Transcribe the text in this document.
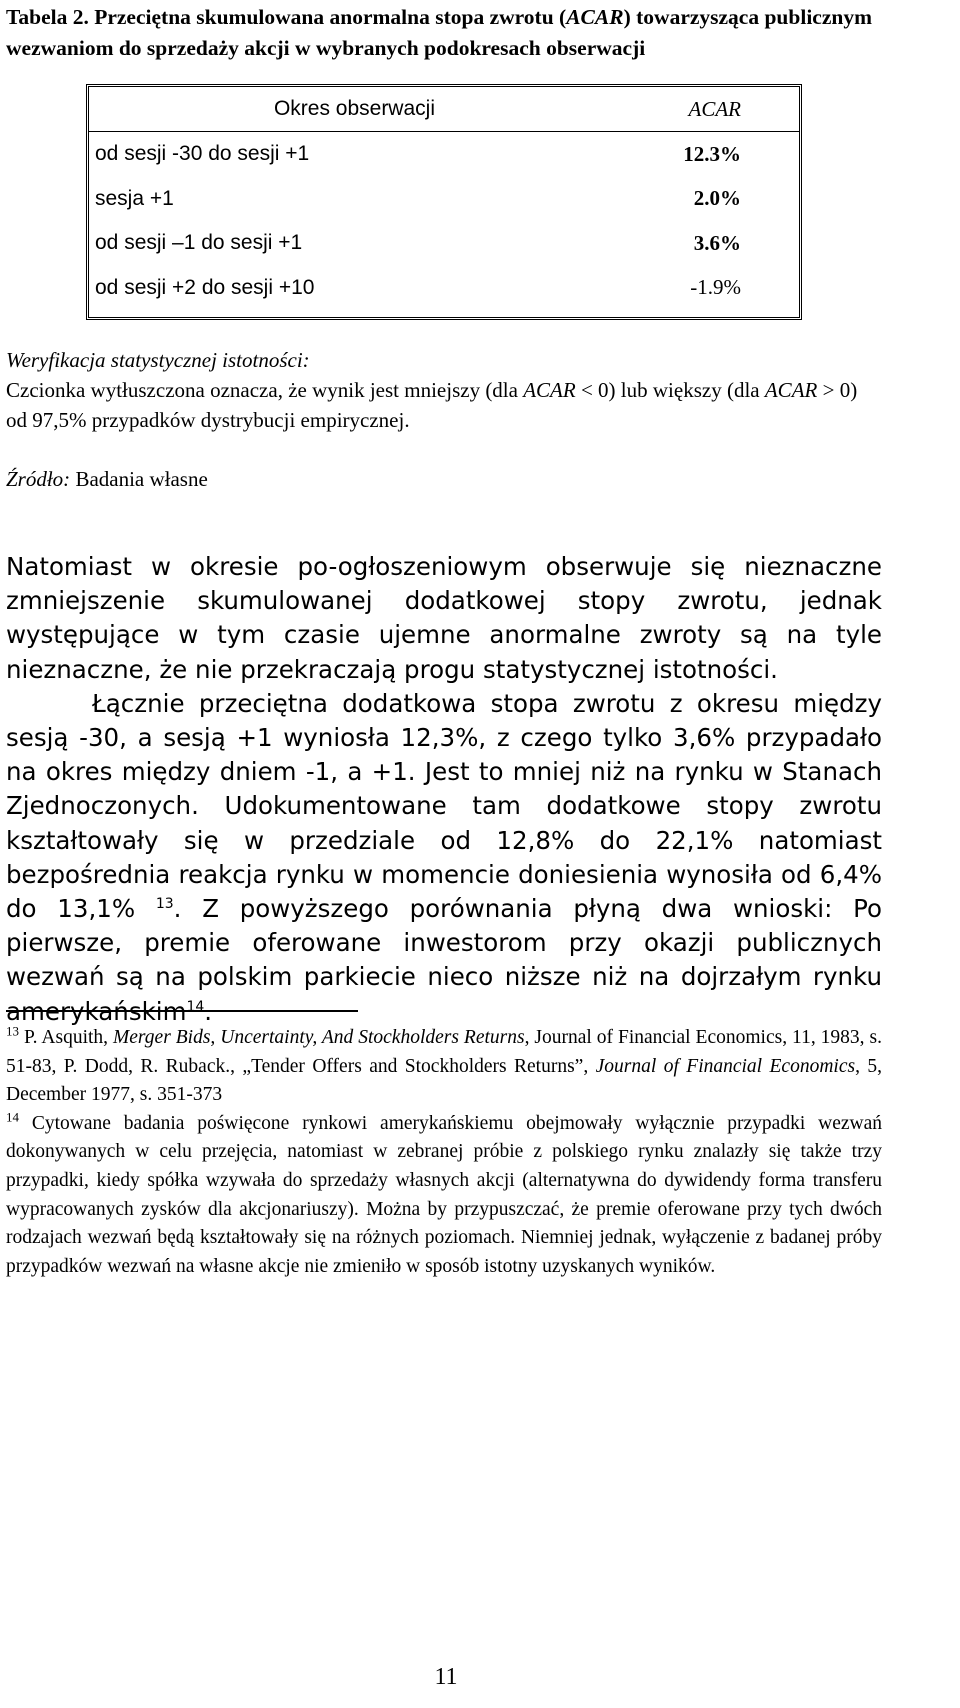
Tabela 2. Przeciętna skumulowana anormalna stopa zwrotu (ACAR) towarzysząca publicznym wezwaniom do sprzedaży akcji w wybranych podokresach obserwacji

Okres obserwacji	ACAR
od sesji -30 do sesji +1	12.3%
sesja +1	2.0%
od sesji –1 do sesji +1	3.6%
od sesji +2 do sesji +10	-1.9%
Weryfikacja statystycznej istotności:
Czcionka wytłuszczona oznacza, że wynik jest mniejszy (dla ACAR < 0) lub większy (dla ACAR > 0) od 97,5% przypadków dystrybucji empirycznej.
Źródło: Badania własne

Natomiast w okresie po-ogłoszeniowym obserwuje się nieznaczne zmniejszenie skumulowanej dodatkowej stopy zwrotu, jednak występujące w tym czasie ujemne anormalne zwroty są na tyle nieznaczne, że nie przekraczają progu statystycznej istotności.

Łącznie przeciętna dodatkowa stopa zwrotu z okresu między sesją -30, a sesją +1 wyniosła 12,3%, z czego tylko 3,6% przypadało na okres między dniem -1, a +1. Jest to mniej niż na rynku w Stanach Zjednoczonych. Udokumentowane tam dodatkowe stopy zwrotu kształtowały się w przedziale od 12,8% do 22,1% natomiast bezpośrednia reakcja rynku w momencie doniesienia wynosiła od 6,4% do 13,1% $^{13}$. Z powyższego porównania płyną dwa wnioski: Po pierwsze, premie oferowane inwestorom przy okazji publicznych wezwań są na polskim parkiecie nieco niższe niż na dojrzałym rynku amerykańskim$^{14}$.

$^{13}$ P. Asquith, Merger Bids, Uncertainty, And Stockholders Returns, Journal of Financial Economics, 11, 1983, s. 51-83, P. Dodd, R. Ruback., „Tender Offers and Stockholders Returns”, Journal of Financial Economics, 5, December 1977, s. 351-373

$^{14}$ Cytowane badania poświęcone rynkowi amerykańskiemu obejmowały wyłącznie przypadki wezwań dokonywanych w celu przejęcia, natomiast w zebranej próbie z polskiego rynku znalazły się także trzy przypadki, kiedy spółka wzywała do sprzedaży własnych akcji (alternatywna do dywidendy forma transferu wypracowanych zysków dla akcjonariuszy). Można by przypuszczać, że premie oferowane przy tych dwóch rodzajach wezwań będą kształtowały się na różnych poziomach. Niemniej jednak, wyłączenie z badanej próby przypadków wezwań na własne akcje nie zmieniło w sposób istotny uzyskanych wyników.

11
